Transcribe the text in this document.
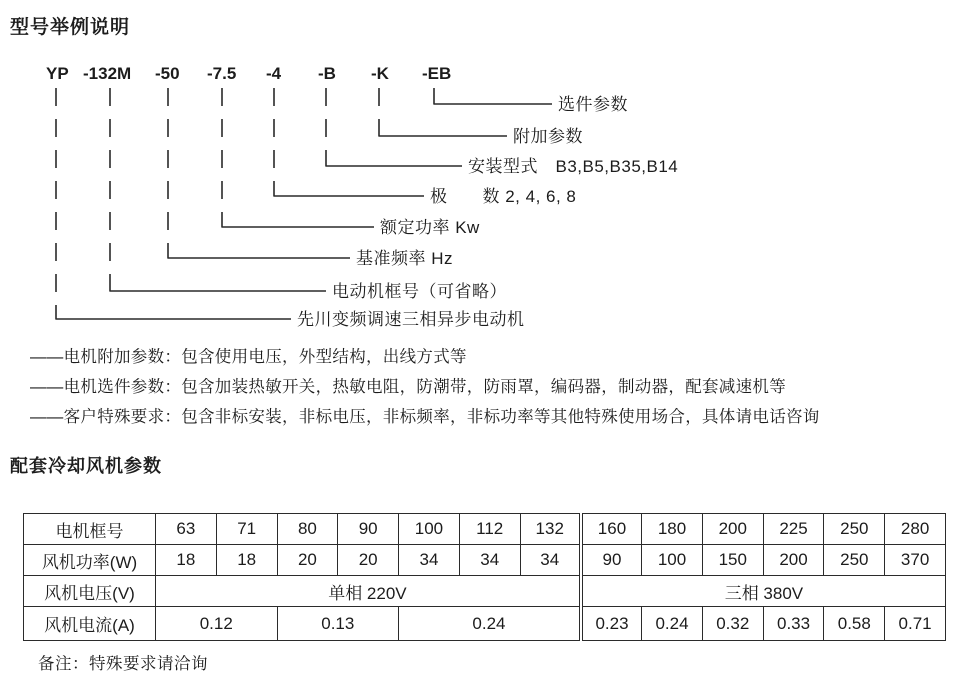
型号举例说明
YP
先川变频调速三相异步电动机
-132M
电动机框号（可省略）
-50
基准频率 Hz
-7.5
额定功率 Kw
-4
极　　数 2, 4, 6, 8
-B
安装型式　B3,B5,B35,B14
-K
附加参数
-EB
选件参数
——电机附加参数：包含使用电压，外型结构，出线方式等
——电机选件参数：包含加装热敏开关，热敏电阻，防潮带，防雨罩，编码器，制动器，配套减速机等
——客户特殊要求：包含非标安装，非标电压，非标频率，非标功率等其他特殊使用场合，具体请电话咨询
配套冷却风机参数
电机框号	63	71	80	90	100	112	132	160	180	200	225	250	280
风机功率(W)	18	18	20	20	34	34	34	90	100	150	200	250	370
风机电压(V)	单相 220V							三相 380V					
风机电流(A)	0.12		0.13		0.24			0.23	0.24	0.32	0.33	0.58	0.71
备注：特殊要求请洽询
